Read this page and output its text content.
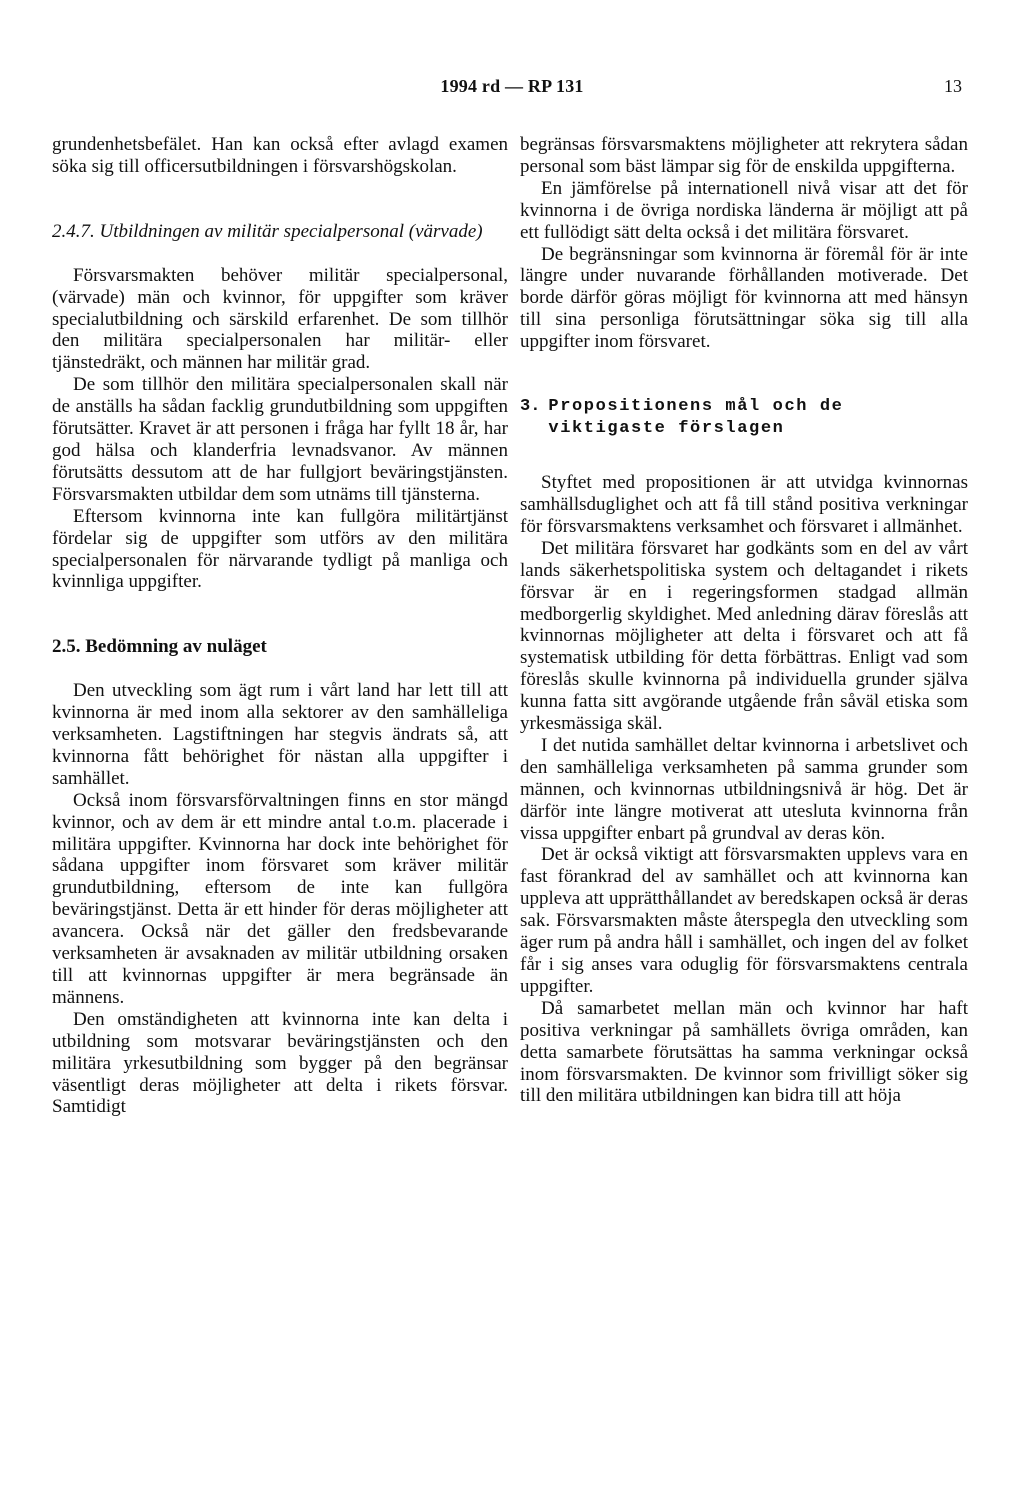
1994 rd — RP 131	13

grundenhetsbefälet. Han kan också efter avlagd examen söka sig till officersutbildningen i försvarshögskolan.

2.4.7. Utbildningen av militär specialpersonal (värvade)

Försvarsmakten behöver militär specialpersonal, (värvade) män och kvinnor, för uppgifter som kräver specialutbildning och särskild erfarenhet. De som tillhör den militära specialpersonalen har militär- eller tjänstedräkt, och männen har militär grad.

De som tillhör den militära specialpersonalen skall när de anställs ha sådan facklig grundutbildning som uppgiften förutsätter. Kravet är att personen i fråga har fyllt 18 år, har god hälsa och klanderfria levnadsvanor. Av männen förutsätts dessutom att de har fullgjort beväringstjänsten. Försvarsmakten utbildar dem som utnäms till tjänsterna.

Eftersom kvinnorna inte kan fullgöra militärtjänst fördelar sig de uppgifter som utförs av den militära specialpersonalen för närvarande tydligt på manliga och kvinnliga uppgifter.

2.5. Bedömning av nuläget

Den utveckling som ägt rum i vårt land har lett till att kvinnorna är med inom alla sektorer av den samhälleliga verksamheten. Lagstiftningen har stegvis ändrats så, att kvinnorna fått behörighet för nästan alla uppgifter i samhället.

Också inom försvarsförvaltningen finns en stor mängd kvinnor, och av dem är ett mindre antal t.o.m. placerade i militära uppgifter. Kvinnorna har dock inte behörighet för sådana uppgifter inom försvaret som kräver militär grundutbildning, eftersom de inte kan fullgöra beväringstjänst. Detta är ett hinder för deras möjligheter att avancera. Också när det gäller den fredsbevarande verksamheten är avsaknaden av militär utbildning orsaken till att kvinnornas uppgifter är mera begränsade än männens.

Den omständigheten att kvinnorna inte kan delta i utbildning som motsvarar beväringstjänsten och den militära yrkesutbildning som bygger på den begränsar väsentligt deras möjligheter att delta i rikets försvar. Samtidigt

begränsas försvarsmaktens möjligheter att rekrytera sådan personal som bäst lämpar sig för de enskilda uppgifterna.

En jämförelse på internationell nivå visar att det för kvinnorna i de övriga nordiska länderna är möjligt att på ett fullödigt sätt delta också i det militära försvaret.

De begränsningar som kvinnorna är föremål för är inte längre under nuvarande förhållanden motiverade. Det borde därför göras möjligt för kvinnorna att med hänsyn till sina personliga förutsättningar söka sig till alla uppgifter inom försvaret.

3. Propositionens mål och de viktigaste förslagen

Styftet med propositionen är att utvidga kvinnornas samhällsduglighet och att få till stånd positiva verkningar för försvarsmaktens verksamhet och försvaret i allmänhet.

Det militära försvaret har godkänts som en del av vårt lands säkerhetspolitiska system och deltagandet i rikets försvar är en i regeringsformen stadgad allmän medborgerlig skyldighet. Med anledning därav föreslås att kvinnornas möjligheter att delta i försvaret och att få systematisk utbilding för detta förbättras. Enligt vad som föreslås skulle kvinnorna på individuella grunder själva kunna fatta sitt avgörande utgående från såväl etiska som yrkesmässiga skäl.

I det nutida samhället deltar kvinnorna i arbetslivet och den samhälleliga verksamheten på samma grunder som männen, och kvinnornas utbildningsnivå är hög. Det är därför inte längre motiverat att utesluta kvinnorna från vissa uppgifter enbart på grundval av deras kön.

Det är också viktigt att försvarsmakten upplevs vara en fast förankrad del av samhället och att kvinnorna kan uppleva att upprätthållandet av beredskapen också är deras sak. Försvarsmakten måste återspegla den utveckling som äger rum på andra håll i samhället, och ingen del av folket får i sig anses vara oduglig för försvarsmaktens centrala uppgifter.

Då samarbetet mellan män och kvinnor har haft positiva verkningar på samhällets övriga områden, kan detta samarbete förutsättas ha samma verkningar också inom försvarsmakten. De kvinnor som frivilligt söker sig till den militära utbildningen kan bidra till att höja
